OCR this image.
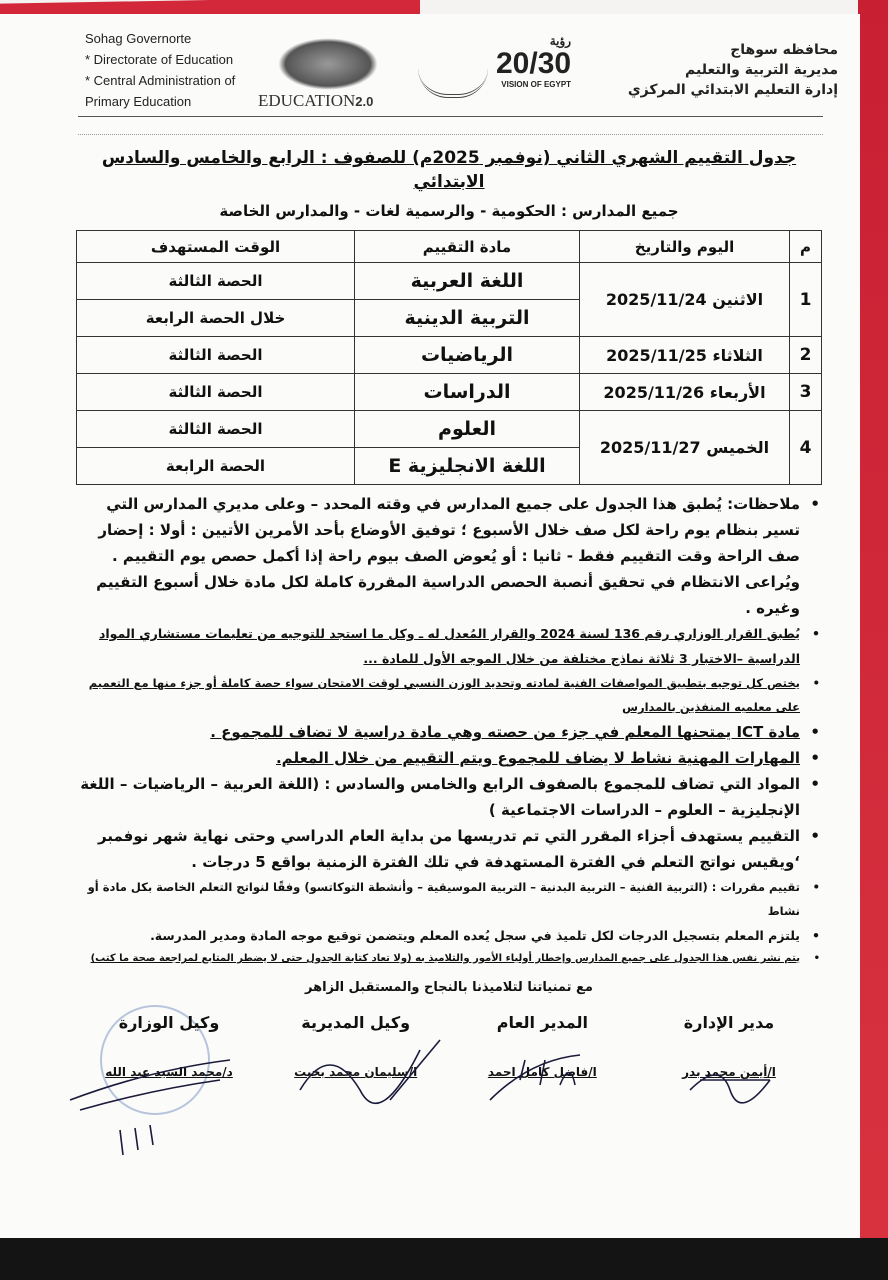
Sohag Governorte
* Directorate of Education
* Central Administration of
Primary Education	EDUCATION2.0
رؤية
20/30
VISION OF EGYPT
محافظه سوهاج
مديرية التربية والتعليم
إدارة التعليم الابتدائي المركزي
جدول التقييم الشهري الثاني (نوفمبر 2025م) للصفوف : الرابع والخامس والسادس الابتدائي
جميع المدارس : الحكومية - والرسمية لغات - والمدارس الخاصة
م	اليوم والتاريخ	مادة التقييم	الوقت المستهدف
1	الاثنين 2025/11/24	اللغة العربية	الحصة الثالثة
		التربية الدينية	خلال الحصة الرابعة
2	الثلاثاء 2025/11/25	الرياضيات	الحصة الثالثة
3	الأربعاء 2025/11/26	الدراسات	الحصة الثالثة
4	الخميس 2025/11/27	العلوم	الحصة الثالثة
		اللغة الانجليزية E	الحصة الرابعة
• ملاحظات: يُطبق هذا الجدول على جميع المدارس في وقته المحدد – وعلى مديري المدارس التي تسير بنظام يوم راحة لكل صف خلال الأسبوع ؛ توفيق الأوضاع بأحد الأمرين الأتيين : أولا : إحضار صف الراحة وقت التقييم فقط - ثانيا : أو يُعوض الصف بيوم راحة إذا أكمل حصص يوم التقييم . ويُراعى الانتظام في تحقيق أنصبة الحصص الدراسية المقررة كاملة لكل مادة خلال أسبوع التقييم وغيره .
• يُطبق القرار الوزاري رقم 136 لسنة 2024 والقرار المُعدل له ـ وكل ما استجد للتوجيه من تعليمات مستشاري المواد الدراسية –الاختبار 3 ثلاثة نماذج مختلفة من خلال الموجه الأول للمادة ...
• يختص كل توجيه بتطبيق المواصفات الفنية لمادته وتحديد الوزن النسبي لوقت الامتحان سواء حصة كاملة أو جزء منها مع التعميم على معلميه المنفذين بالمدارس
• مادة ICT يمتحنها المعلم في جزء من حصته وهي مادة دراسية لا تضاف للمجموع .
• المهارات المهنية نشاط لا يضاف للمجموع ويتم التقييم من خلال المعلم.
• المواد التي تضاف للمجموع بالصفوف الرابع والخامس والسادس : (اللغة العربية – الرياضيات – اللغة الإنجليزية – العلوم – الدراسات الاجتماعية )
• التقييم يستهدف أجزاء المقرر التي تم تدريسها من بداية العام الدراسي وحتى نهاية شهر نوفمبر ‘ويقيس نواتج التعلم في الفترة المستهدفة في تلك الفترة الزمنية بواقع 5 درجات .
• تقييم مقررات : (التربية الفنية – التربية البدنية – التربية الموسيقية – وأنشطة التوكاتسو) وفقًا لنواتج التعلم الخاصة بكل مادة أو نشاط
• يلتزم المعلم بتسجيل الدرجات لكل تلميذ في سجل يُعده المعلم ويتضمن توقيع موجه المادة ومدير المدرسة.
• يتم نشر نفس هذا الجدول على جميع المدارس وإخطار أولياء الأمور والتلاميذ به (ولا تعاد كتابة الجدول حتى لا يضطر المتابع لمراجعة صحة ما كتب)
مع تمنياتنا لتلاميذنا بالنجاح والمستقبل الزاهر
مدير الإدارة
ا/أيمن محمد بدر
المدير العام
ا/فاضل كامل احمد
وكيل المديرية
ا/سليمان محمد بخيت
وكيل الوزارة
د/محمد السيد عبد الله
